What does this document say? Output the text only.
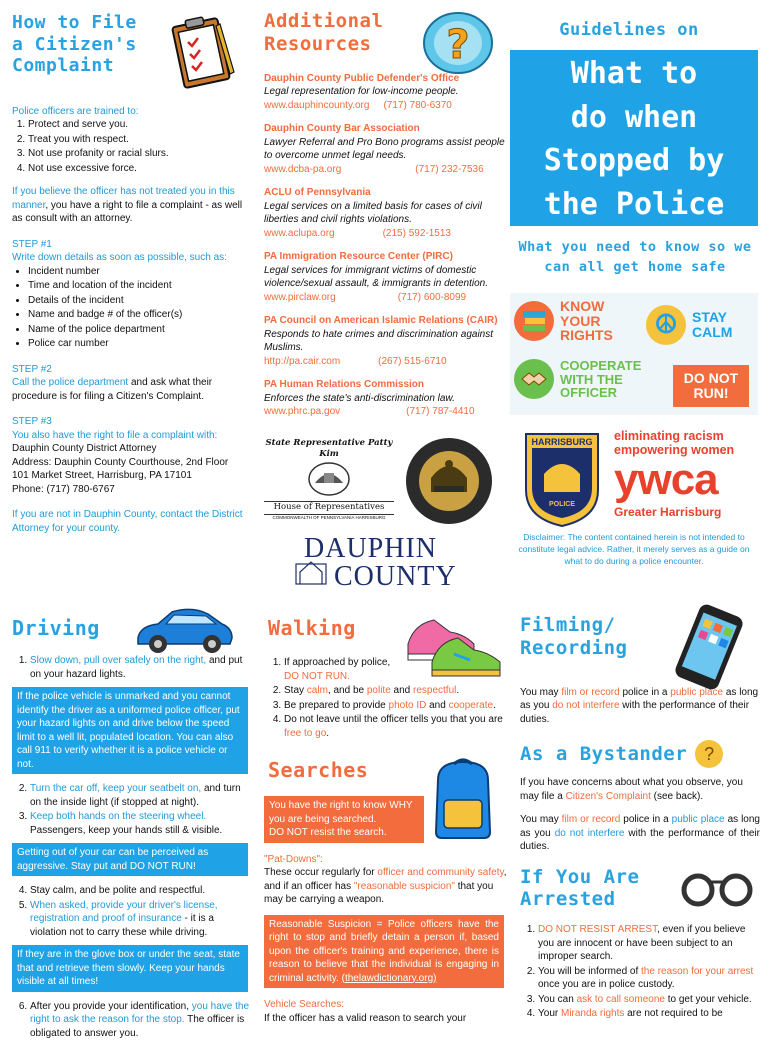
How to File
a Citizen's
Complaint

Police officers are trained to:

1. Protect and serve you.
2. Treat you with respect.
3. Not use profanity or racial slurs.
4. Not use excessive force.

If you believe the officer has not treated you in this manner, you have a right to file a complaint - as well as consult with an attorney.

STEP #1

Write down details as soon as possible, such as:

• Incident number
• Time and location of the incident
• Details of the incident
• Name and badge # of the officer(s)
• Name of the police department
• Police car number

STEP #2

Call the police department and ask what their procedure is for filing a Citizen's Complaint.

STEP #3

You also have the right to file a complaint with:

Dauphin County District Attorney
Address: Dauphin County Courthouse, 2nd Floor
101 Market Street, Harrisburg, PA 17101
Phone: (717) 780-6767

If you are not in Dauphin County, contact the District Attorney for your county.

Additional
Resources	?
Dauphin County Public Defender's Office
Legal representation for low-income people.
www.dauphincounty.org (717) 780-6370
Dauphin County Bar Association
Lawyer Referral and Pro Bono programs assist people to overcome unmet legal needs.
www.dcba-pa.org	(717) 232-7536
ACLU of Pennsylvania
Legal services on a limited basis for cases of civil liberties and civil rights violations.
www.aclupa.org	(215) 592-1513
PA Immigration Resource Center (PIRC)
Legal services for immigrant victims of domestic violence/sexual assault, & immigrants in detention.
www.pirclaw.org	(717) 600-8099
PA Council on American Islamic Relations (CAIR)
Responds to hate crimes and discrimination against Muslims.
http://pa.cair.com	(267) 515-6710
PA Human Relations Commission
Enforces the state's anti-discrimination law.
www.phrc.pa.gov	(717) 787-4410
State Representative Patty Kim
House of Representatives
COMMONWEALTH OF PENNSYLVANIA HARRISBURG
DAUPHIN
COUNTY
Guidelines on
What to
do when
Stopped by
the Police
What you need to know so we can all get home safe
KNOW YOUR RIGHTS	☮	STAY CALM
COOPERATE WITH THE OFFICER
DO NOT RUN!
HARRISBURG
POLICE
eliminating racism
empowering women
ywca
Greater Harrisburg

Disclaimer: The content contained herein is not intended to constitute legal advice. Rather, it merely serves as a guide on what to do during a police encounter.

Driving
1. Slow down, pull over safely on the right, and put on your hazard lights.
If the police vehicle is unmarked and you cannot identify the driver as a uniformed police officer, put your hazard lights on and drive below the speed limit to a well lit, populated location. You can also call 911 to verify whether it is a police vehicle or not.
2. Turn the car off, keep your seatbelt on, and turn on the inside light (if stopped at night).
3. Keep both hands on the steering wheel. Passengers, keep your hands still & visible.
Getting out of your car can be perceived as aggressive. Stay put and DO NOT RUN!
4. Stay calm, and be polite and respectful.
5. When asked, provide your driver's license, registration and proof of insurance - it is a violation not to carry these while driving.
If they are in the glove box or under the seat, state that and retrieve them slowly. Keep your hands visible at all times!
6. After you provide your identification, you have the right to ask the reason for the stop. The officer is obligated to answer you.
Walking
1. If approached by police,
DO NOT RUN.
2. Stay calm, and be polite and respectful.
3. Be prepared to provide photo ID and cooperate.
4. Do not leave until the officer tells you that you are free to go.
Searches
You have the right to know WHY you are being searched.
DO NOT resist the search.
"Pat-Downs":

These occur regularly for officer and community safety, and if an officer has "reasonable suspicion" that you may be carrying a weapon.

Reasonable Suspicion = Police officers have the right to stop and briefly detain a person if, based upon the officer's training and experience, there is reason to believe that the individual is engaging in criminal activity. (thelawdictionary.org)
Vehicle Searches:
If the officer has a valid reason to search your
Filming/
Recording

You may film or record police in a public place as long as you do not interfere with the performance of their duties.

As a Bystander ?

If you have concerns about what you observe, you may file a Citizen's Complaint (see back).

You may film or record police in a public place as long as you do not interfere with the performance of their duties.

If You Are
Arrested
1. DO NOT RESIST ARREST, even if you believe you are innocent or have been subject to an improper search.
2. You will be informed of the reason for your arrest once you are in police custody.
3. You can ask to call someone to get your vehicle.
4. Your Miranda rights are not required to be
